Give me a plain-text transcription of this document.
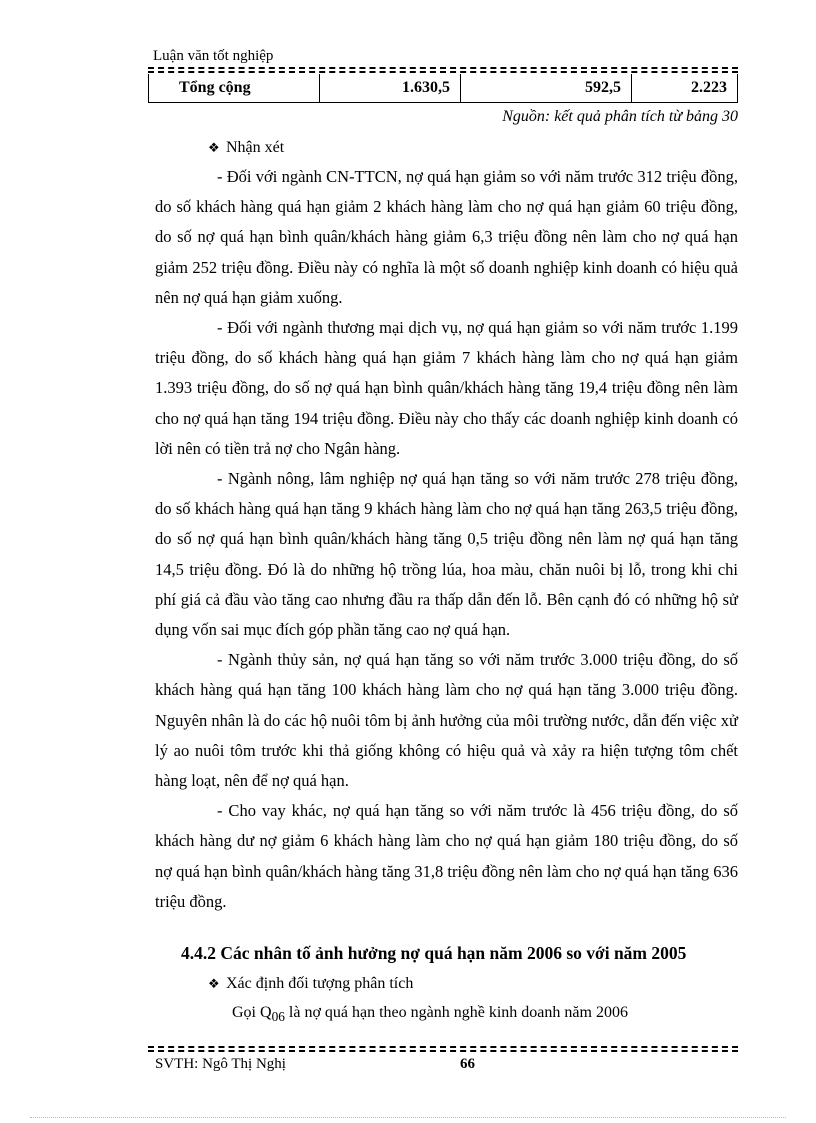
Luận văn tốt nghiệp
Tổng cộng	1.630,5	592,5	2.223
Nguồn: kết quả phân tích từ bảng 30
❖ Nhận xét

- Đối với ngành CN-TTCN, nợ quá hạn giảm so với năm trước 312 triệu đồng, do số khách hàng quá hạn giảm 2 khách hàng làm cho nợ quá hạn giảm 60 triệu đồng, do số nợ quá hạn bình quân/khách hàng giảm 6,3 triệu đồng nên làm cho nợ quá hạn giảm 252 triệu đồng. Điều này có nghĩa là một số doanh nghiệp kinh doanh có hiệu quả nên nợ quá hạn giảm xuống.

- Đối với ngành thương mại dịch vụ, nợ quá hạn giảm so với năm trước 1.199 triệu đồng, do số khách hàng quá hạn giảm 7 khách hàng làm cho nợ quá hạn giảm 1.393 triệu đồng, do số nợ quá hạn bình quân/khách hàng tăng 19,4 triệu đồng nên làm cho nợ quá hạn tăng 194 triệu đồng. Điều này cho thấy các doanh nghiệp kinh doanh có lời nên có tiền trả nợ cho Ngân hàng.

- Ngành nông, lâm nghiệp nợ quá hạn tăng so với năm trước 278 triệu đồng, do số khách hàng quá hạn tăng 9 khách hàng làm cho nợ quá hạn tăng 263,5 triệu đồng, do số nợ quá hạn bình quân/khách hàng tăng 0,5 triệu đồng nên làm nợ quá hạn tăng 14,5 triệu đồng. Đó là do những hộ trồng lúa, hoa màu, chăn nuôi bị lỗ, trong khi chi phí giá cả đầu vào tăng cao nhưng đầu ra thấp dẫn đến lỗ. Bên cạnh đó có những hộ sử dụng vốn sai mục đích góp phần tăng cao nợ quá hạn.

- Ngành thủy sản, nợ quá hạn tăng so với năm trước 3.000 triệu đồng, do số khách hàng quá hạn tăng 100 khách hàng làm cho nợ quá hạn tăng 3.000 triệu đồng. Nguyên nhân là do các hộ nuôi tôm bị ảnh hưởng của môi trường nước, dẫn đến việc xử lý ao nuôi tôm trước khi thả giống không có hiệu quả và xảy ra hiện tượng tôm chết hàng loạt, nên để nợ quá hạn.

- Cho vay khác, nợ quá hạn tăng so với năm trước là 456 triệu đồng, do số khách hàng dư nợ giảm 6 khách hàng làm cho nợ quá hạn giảm 180 triệu đồng, do số nợ quá hạn bình quân/khách hàng tăng 31,8 triệu đồng nên làm cho nợ quá hạn tăng 636 triệu đồng.

4.4.2 Các nhân tố ảnh hưởng nợ quá hạn năm 2006 so với năm 2005
❖ Xác định đối tượng phân tích
Gọi $Q_{06}$ là nợ quá hạn theo ngành nghề kinh doanh năm 2006
SVTH: Ngô Thị Nghị	66
